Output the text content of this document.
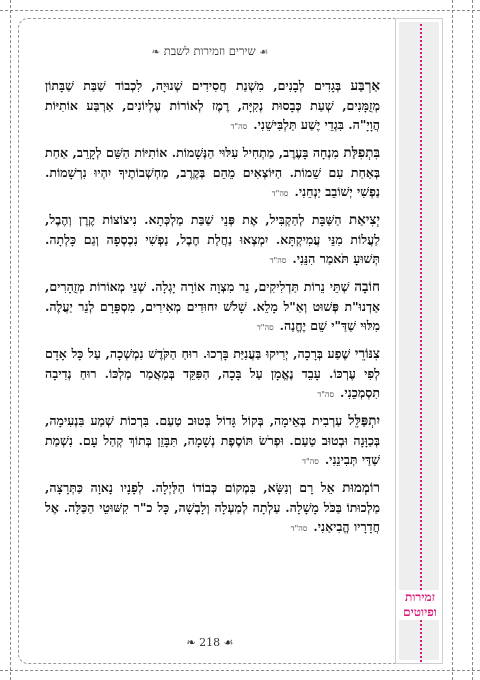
זמירות
ופיוטים
❧ שירים וזמירות לשבת ☙

אַרְבַּע בְּגָדִים לְבָנִים, מִשְׁנַת חֲסִידִים שְׁנוּיָה, לִכְבוֹד שַׁבַּת שַׁבָּתוֹן מְזֻמָּנִים, שְׁעַת כְּבָסוּת נְקִיָּה, רֶמֶז לְאוֹרוֹת עֶלְיוֹנִים, אַרְבַּע אוֹתִיּוֹת הֲוָיָ"ה. בִּגְדֵי יֶשַׁע תַּלְבִּישֵׁנִי.סה"ד

בִּתְפִלַּת מִנְחָה בָּעֶרֶב, מַתְחִיל עִלּוּי הַנְּשָׁמוֹת. אוֹתִיּוֹת הַשֵּׁם לְקָרֵב, אַחַת בְּאַחַת עִם שֵׁמוֹת. הַיּוֹצְאִים מֵהֵם בְּקֶרֶב, מַחְשְׁבוֹתֶיךָ יִהְיוּ נִרְשָׁמוֹת. נַפְשִׁי יְשׁוֹבֵב יַנְחֵנִי.סה"ד

יְצִיאַת הַשַּׁבָּת לְהַקְבִּיל, אֶת פְּנֵי שַׁבַּת מַלְכְּתָא. נִיצוֹצוֹת קֶרֶן וְהֶבֶל, לַעֲלוֹת מִנֵּי עֲמִיקְתָּא. יִמְצְאוּ נַחֲלַת חֶבֶל, נַפְשִׁי נִכְסְפָה וְגַם כָּלְתָה. תְּשׁוּעָ תֹּאמַר הִנֵּנִי.סה"ד

חוֹבָה שְׁתֵּי נֵרוֹת תַּדְלִיקִים, נֵר מִצְוָה אוֹרָה יָגְלָה. שְׁנֵי מְאוֹרוֹת מְזֻהָרִים, אַדְנוּ"ת פְּשׁוּט וְאַ"ל מָלֵא. שָׁלֹשׁ יִחוּדִים מְאִירִים, מִסְפָּרָם לְנֵר יַעֲלֶה. מִלּוּי שַׁדַּ"י שֵׁם יֶחֱנַה.סה"ד

צִנּוֹרֵי שֶׁפַע בְּרָכָה, יְרִיקוּ בַּעֲנִיַּת בָּרְכוּ. רוּחַ הַקֹּדֶשׁ נִמְשְׁכָה, עַל כָּל אָדָם לְפִי עֶרְכּוֹ. עָבֵד נֶאֱמָן עַל בָּכָה, הַפִּקֵּד בְּמַאֲמַר מַלְכּוֹ. רוּחַ נְדִיבָה תִסְמְכֵנִי.סה"ד

יִתְפַּלֵּל עַרְבִית בְּאֵימָה, בְּקוֹל גָּדוֹל בְּטוּב טַעַם. בִּרְכוֹת שְׁמַע בִּנְעִימָה, בְּכַוָּנָה וּבְטוּב טַעַם. וּפְרֹשׂ תּוֹסֶפֶת נְשָׁמָה, תִּבָּזֵן בְּתוֹךְ קְהַל עָם. נִשְׁמַת שַׁדַּי תְּבִינֵנִי.סה"ד

רוֹמְמוּת אֵל רָם וְנִשָּׂא, בִּמְקוֹם כְּבוֹדוֹ הַלַּיְלָה. לְפָנָיו נָאוָה כַּתְּרָצָה, מַלְכוּתוֹ בַּכֹּל מָשָׁלָה. עַלְתָה לְמַעְלָה וְלָבְשָׁה, כָּל כ"ר קִשּׁוּטֵי הַכַּלָּה. אֶל חֲדָרָיו הֱבִיאַנִי.סה"ד

❧ 218 ☙
